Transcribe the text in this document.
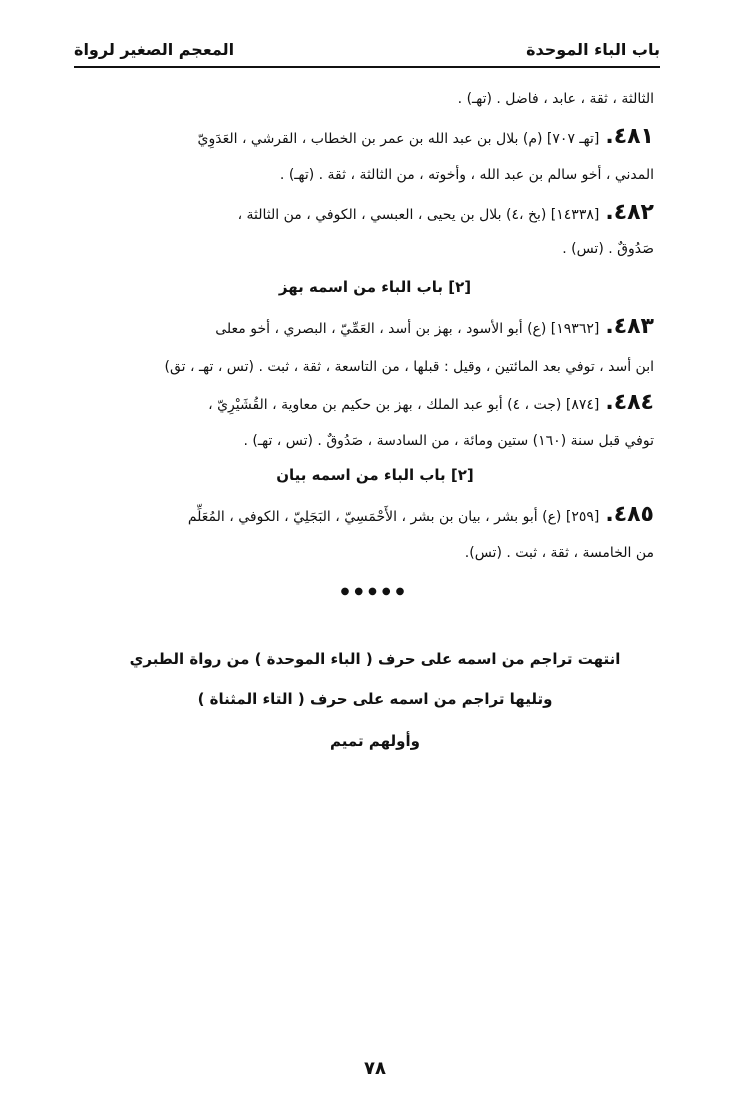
باب الباء الموحدة
المعجم الصغير لرواة
الثالثة ، ثقة ، عابد ، فاضل . (تهـ) .
٤٨١.[تهـ ٧٠٧] (م) بلال بن عبد الله بن عمر بن الخطاب ، القرشي ، العَدَوِيّ
المدني ، أخو سالم بن عبد الله ، وأخوته ، من الثالثة ، ثقة . (تهـ) .
٤٨٢.[١٤٣٣٨] (بخ ،٤) بلال بن يحيى ، العبسي ، الكوفي ، من الثالثة ،
صَدُوقٌ . (تس) .
[٢] باب الباء من اسمه بهز
٤٨٣.[١٩٣٦٢] (ع) أبو الأسود ، بهز بن أسد ، العَمِّيّ ، البصري ، أخو معلى
ابن أسد ، توفي بعد المائتين ، وقيل : قبلها ، من التاسعة ، ثقة ، ثبت . (تس ، تهـ ، تق)
٤٨٤.[٨٧٤] (جت ، ٤) أبو عبد الملك ، بهز بن حكيم بن معاوية ، القُشَيْرِيّ ،
توفي قبل سنة (١٦٠) ستين ومائة ، من السادسة ، صَدُوقٌ . (تس ، تهـ) .
[٢] باب الباء من اسمه بيان
٤٨٥.[٢٥٩] (ع) أبو بشر ، بيان بن بشر ، الأَحْمَسِيّ ، البَجَلِيّ ، الكوفي ، المُعَلِّم
من الخامسة ، ثقة ، ثبت . (تس).
●●●●●
انتهت تراجم من اسمه على حرف ( الباء الموحدة ) من رواة الطبري
وتليها تراجم من اسمه على حرف ( التاء المثناة )
وأولهم تميم
٧٨
